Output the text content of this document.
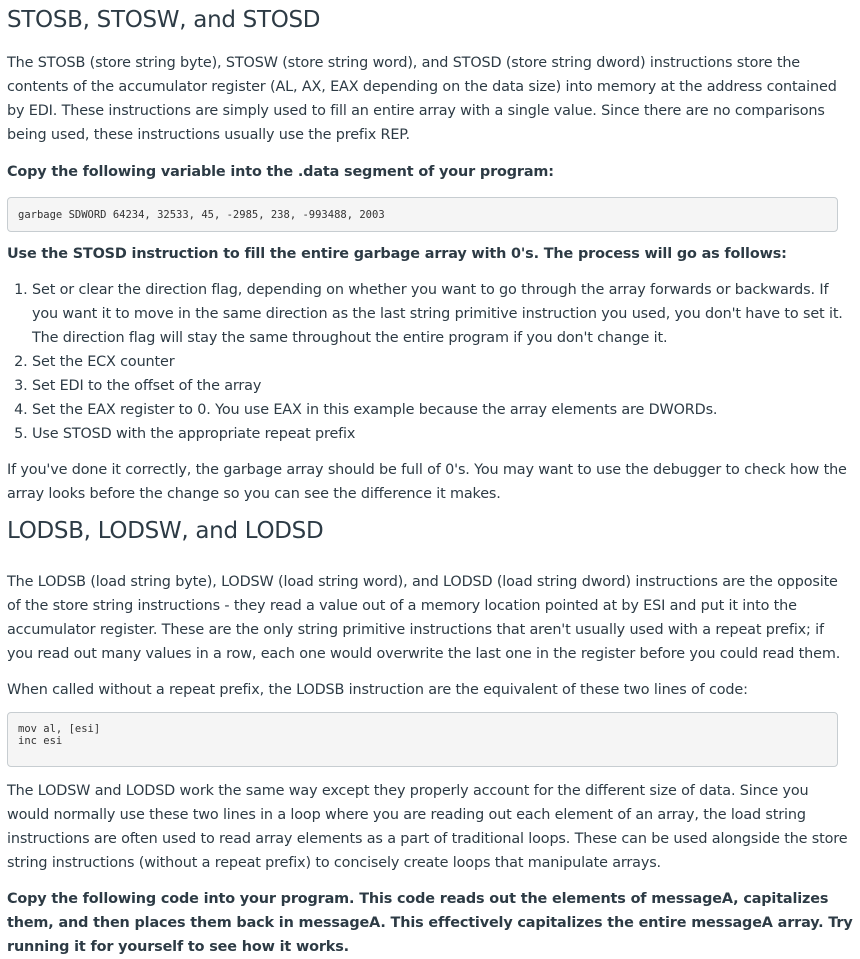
STOSB, STOSW, and STOSD

The STOSB (store string byte), STOSW (store string word), and STOSD (store string dword) instructions store the contents of the accumulator register (AL, AX, EAX depending on the data size) into memory at the address contained by EDI. These instructions are simply used to fill an entire array with a single value. Since there are no comparisons being used, these instructions usually use the prefix REP.

Copy the following variable into the .data segment of your program:

garbage SDWORD 64234, 32533, 45, -2985, 238, -993488, 2003

Use the STOSD instruction to fill the entire garbage array with 0's. The process will go as follows:

1. Set or clear the direction flag, depending on whether you want to go through the array forwards or backwards. If you want it to move in the same direction as the last string primitive instruction you used, you don't have to set it. The direction flag will stay the same throughout the entire program if you don't change it.
2. Set the ECX counter
3. Set EDI to the offset of the array
4. Set the EAX register to 0. You use EAX in this example because the array elements are DWORDs.
5. Use STOSD with the appropriate repeat prefix

If you've done it correctly, the garbage array should be full of 0's. You may want to use the debugger to check how the array looks before the change so you can see the difference it makes.

LODSB, LODSW, and LODSD

The LODSB (load string byte), LODSW (load string word), and LODSD (load string dword) instructions are the opposite of the store string instructions - they read a value out of a memory location pointed at by ESI and put it into the accumulator register. These are the only string primitive instructions that aren't usually used with a repeat prefix; if you read out many values in a row, each one would overwrite the last one in the register before you could read them.

When called without a repeat prefix, the LODSB instruction are the equivalent of these two lines of code:

mov al, [esi]
inc esi

The LODSW and LODSD work the same way except they properly account for the different size of data. Since you would normally use these two lines in a loop where you are reading out each element of an array, the load string instructions are often used to read array elements as a part of traditional loops. These can be used alongside the store string instructions (without a repeat prefix) to concisely create loops that manipulate arrays.

Copy the following code into your program. This code reads out the elements of messageA, capitalizes them, and then places them back in messageA. This effectively capitalizes the entire messageA array. Try running it for yourself to see how it works.
